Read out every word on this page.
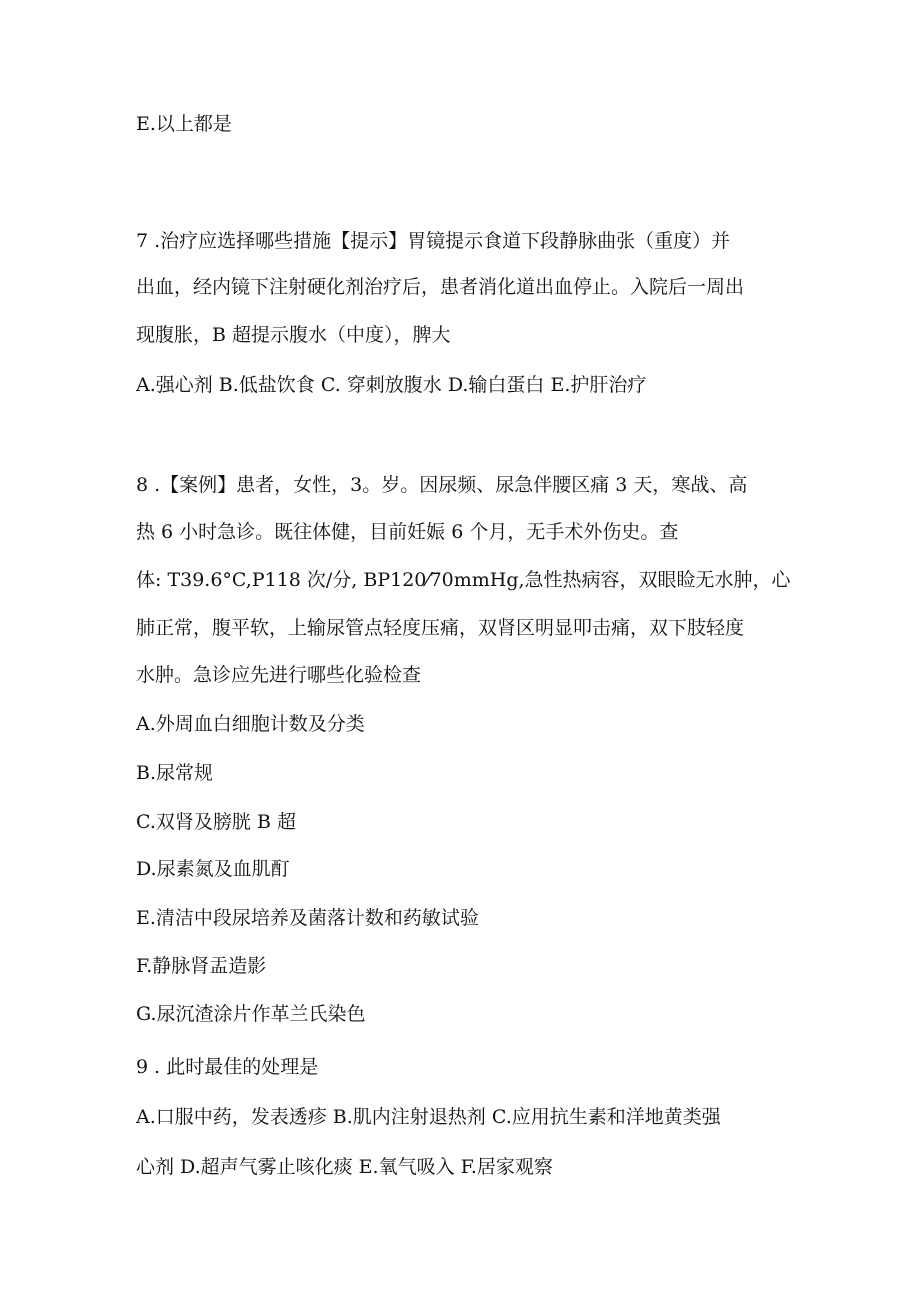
E.以上都是
7 .治疗应选择哪些措施【提示】胃镜提示食道下段静脉曲张（重度）并
出血，经内镜下注射硬化剂治疗后，患者消化道出血停止。入院后一周出
现腹胀，B 超提示腹水（中度），脾大
A.强心剂 B.低盐饮食 C. 穿刺放腹水 D.输白蛋白 E.护肝治疗
8 .【案例】患者，女性，3。岁。因尿频、尿急伴腰区痛 3 天，寒战、高
热 6 小时急诊。既往体健，目前妊娠 6 个月，无手术外伤史。查
体: T39.6°C,P118 次/分, BP120⁄70mmHg,急性热病容，双眼睑无水肿，心
肺正常，腹平软，上输尿管点轻度压痛，双肾区明显叩击痛，双下肢轻度
水肿。急诊应先进行哪些化验检查
A.外周血白细胞计数及分类
B.尿常规
C.双肾及膀胱 B 超
D.尿素氮及血肌酊
E.清洁中段尿培养及菌落计数和药敏试验
F.静脉肾盂造影
G.尿沉渣涂片作革兰氏染色
9 . 此时最佳的处理是
A.口服中药，发表透疹 B.肌内注射退热剂 C.应用抗生素和洋地黄类强
心剂 D.超声气雾止咳化痰 E.氧气吸入 F.居家观察
